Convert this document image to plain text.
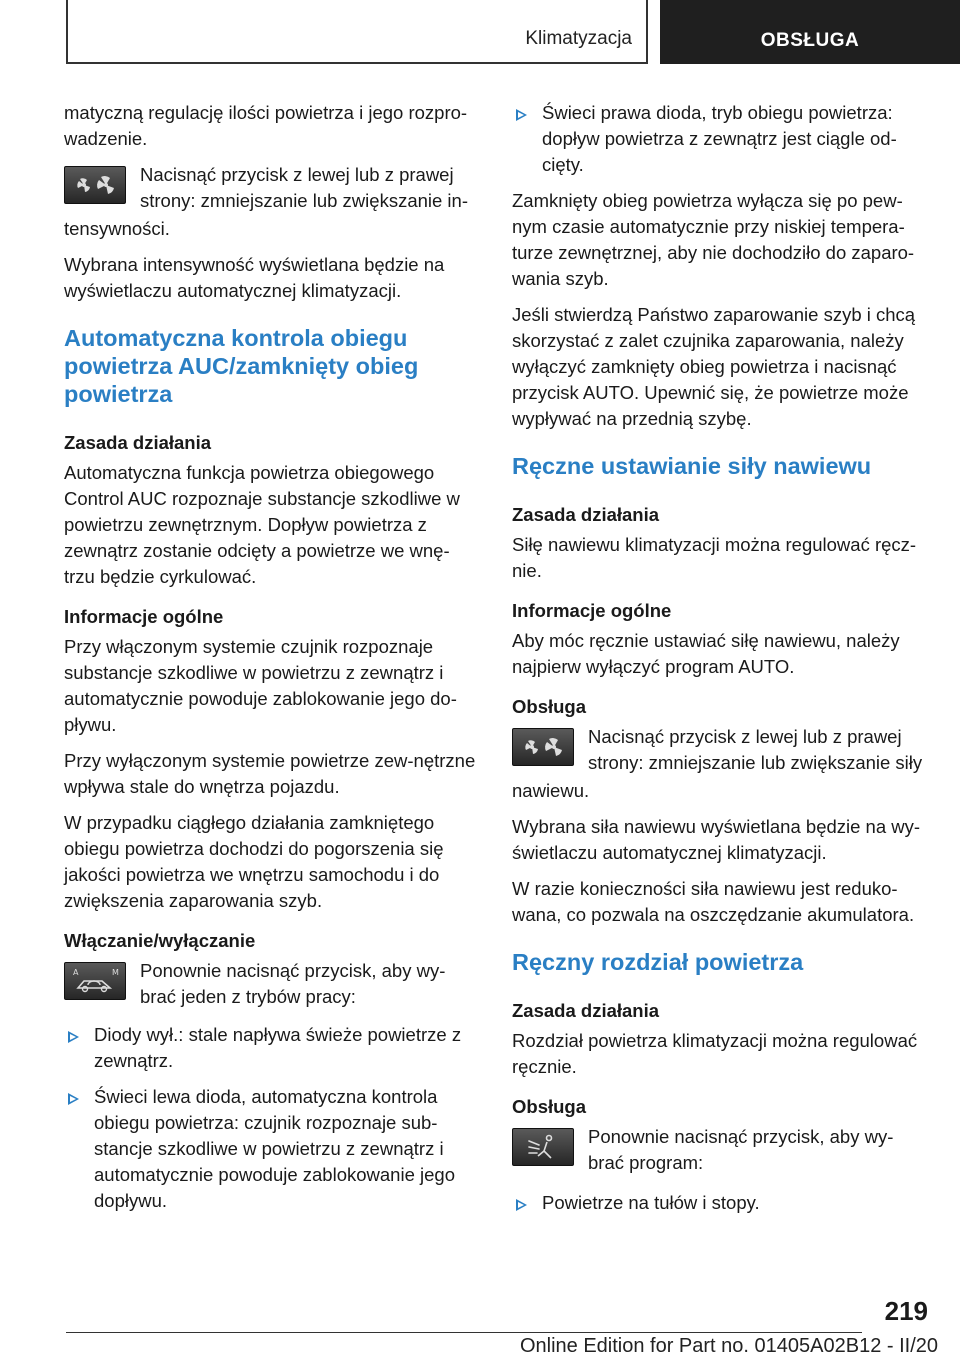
Klimatyzacja	OBSŁUGA

matyczną regulację ilości powietrza i jego rozpro-wadzenie.

Nacisnąć przycisk z lewej lub z prawej strony: zmniejszanie lub zwiększanie in-

tensywności.

Wybrana intensywność wyświetlana będzie na wyświetlaczu automatycznej klimatyzacji.

Automatyczna kontrola obiegu powietrza AUC/zamknięty obieg powietrza
Zasada działania

Automatyczna funkcja powietrza obiegowego Control AUC rozpoznaje substancje szkodliwe w powietrzu zewnętrznym. Dopływ powietrza z zewnątrz zostanie odcięty a powietrze we wnę-trzu będzie cyrkulować.

Informacje ogólne

Przy włączonym systemie czujnik rozpoznaje substancje szkodliwe w powietrzu z zewnątrz i automatycznie powoduje zablokowanie jego do-pływu.

Przy wyłączonym systemie powietrze zew-nętrzne wpływa stale do wnętrza pojazdu.

W przypadku ciągłego działania zamkniętego obiegu powietrza dochodzi do pogorszenia się jakości powietrza we wnętrzu samochodu i do zwiększenia zaparowania szyb.

Włączanie/wyłączanie
A	M Ponownie nacisnąć przycisk, aby wy-brać jeden z trybów pracy:
Diody wył.: stale napływa świeże powietrze z zewnątrz.
Świeci lewa dioda, automatyczna kontrola obiegu powietrza: czujnik rozpoznaje sub-stancje szkodliwe w powietrzu z zewnątrz i automatycznie powoduje zablokowanie jego dopływu.
Świeci prawa dioda, tryb obiegu powietrza: dopływ powietrza z zewnątrz jest ciągle od-cięty.

Zamknięty obieg powietrza wyłącza się po pew-nym czasie automatycznie przy niskiej tempera-turze zewnętrznej, aby nie dochodziło do zaparo-wania szyb.

Jeśli stwierdzą Państwo zaparowanie szyb i chcą skorzystać z zalet czujnika zaparowania, należy wyłączyć zamknięty obieg powietrza i nacisnąć przycisk AUTO. Upewnić się, że powietrze może wypływać na przednią szybę.

Ręczne ustawianie siły nawiewu
Zasada działania

Siłę nawiewu klimatyzacji można regulować ręcz-nie.

Informacje ogólne

Aby móc ręcznie ustawiać siłę nawiewu, należy najpierw wyłączyć program AUTO.

Obsługa
Nacisnąć przycisk z lewej lub z prawej strony: zmniejszanie lub zwiększanie siły

nawiewu.

Wybrana siła nawiewu wyświetlana będzie na wy-świetlaczu automatycznej klimatyzacji.

W razie konieczności siła nawiewu jest reduko-wana, co pozwala na oszczędzanie akumulatora.

Ręczny rozdział powietrza
Zasada działania

Rozdział powietrza klimatyzacji można regulować ręcznie.

Obsługa
Ponownie nacisnąć przycisk, aby wy-brać program:
Powietrze na tułów i stopy.
219
Online Edition for Part no. 01405A02B12 - II/20
